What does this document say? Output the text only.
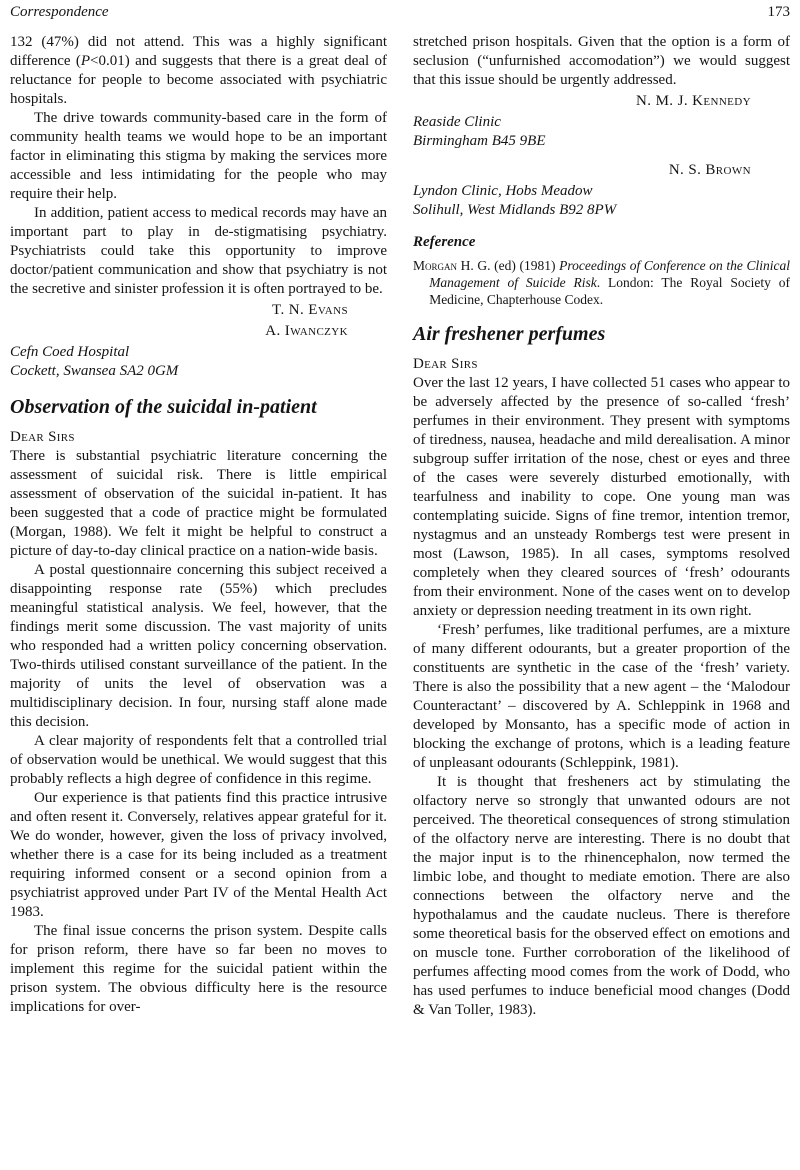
Correspondence	173

132 (47%) did not attend. This was a highly significant difference (P<0.01) and suggests that there is a great deal of reluctance for people to become associated with psychiatric hospitals.

The drive towards community-based care in the form of community health teams we would hope to be an important factor in eliminating this stigma by making the services more accessible and less intimidating for the people who may require their help.

In addition, patient access to medical records may have an important part to play in de-stigmatising psychiatry. Psychiatrists could take this opportunity to improve doctor/patient communication and show that psychiatry is not the secretive and sinister profession it is often portrayed to be.

T. N. Evans
A. Iwanczyk
Cefn Coed Hospital
Cockett, Swansea SA2 0GM
Observation of the suicidal in-patient
Dear Sirs

There is substantial psychiatric literature concerning the assessment of suicidal risk. There is little empirical assessment of observation of the suicidal in-patient. It has been suggested that a code of practice might be formulated (Morgan, 1988). We felt it might be helpful to construct a picture of day-to-day clinical practice on a nation-wide basis.

A postal questionnaire concerning this subject received a disappointing response rate (55%) which precludes meaningful statistical analysis. We feel, however, that the findings merit some discussion. The vast majority of units who responded had a written policy concerning observation. Two-thirds utilised constant surveillance of the patient. In the majority of units the level of observation was a multidisciplinary decision. In four, nursing staff alone made this decision.

A clear majority of respondents felt that a controlled trial of observation would be unethical. We would suggest that this probably reflects a high degree of confidence in this regime.

Our experience is that patients find this practice intrusive and often resent it. Conversely, relatives appear grateful for it. We do wonder, however, given the loss of privacy involved, whether there is a case for its being included as a treatment requiring informed consent or a second opinion from a psychiatrist approved under Part IV of the Mental Health Act 1983.

The final issue concerns the prison system. Despite calls for prison reform, there have so far been no moves to implement this regime for the suicidal patient within the prison system. The obvious difficulty here is the resource implications for over-

stretched prison hospitals. Given that the option is a form of seclusion (“unfurnished accomodation”) we would suggest that this issue should be urgently addressed.

N. M. J. Kennedy
Reaside Clinic
Birmingham B45 9BE
N. S. Brown
Lyndon Clinic, Hobs Meadow
Solihull, West Midlands B92 8PW
Reference
Morgan H. G. (ed) (1981) Proceedings of Conference on the Clinical Management of Suicide Risk. London: The Royal Society of Medicine, Chapterhouse Codex.
Air freshener perfumes
Dear Sirs

Over the last 12 years, I have collected 51 cases who appear to be adversely affected by the presence of so-called ‘fresh’ perfumes in their environment. They present with symptoms of tiredness, nausea, headache and mild derealisation. A minor subgroup suffer irritation of the nose, chest or eyes and three of the cases were severely disturbed emotionally, with tearfulness and inability to cope. One young man was contemplating suicide. Signs of fine tremor, intention tremor, nystagmus and an unsteady Rombergs test were present in most (Lawson, 1985). In all cases, symptoms resolved completely when they cleared sources of ‘fresh’ odourants from their environment. None of the cases went on to develop anxiety or depression needing treatment in its own right.

‘Fresh’ perfumes, like traditional perfumes, are a mixture of many different odourants, but a greater proportion of the constituents are synthetic in the case of the ‘fresh’ variety. There is also the possibility that a new agent – the ‘Malodour Counteractant’ – discovered by A. Schleppink in 1968 and developed by Monsanto, has a specific mode of action in blocking the exchange of protons, which is a leading feature of unpleasant odourants (Schleppink, 1981).

It is thought that fresheners act by stimulating the olfactory nerve so strongly that unwanted odours are not perceived. The theoretical consequences of strong stimulation of the olfactory nerve are interesting. There is no doubt that the major input is to the rhinencephalon, now termed the limbic lobe, and thought to mediate emotion. There are also connections between the olfactory nerve and the hypothalamus and the caudate nucleus. There is therefore some theoretical basis for the observed effect on emotions and on muscle tone. Further corroboration of the likelihood of perfumes affecting mood comes from the work of Dodd, who has used perfumes to induce beneficial mood changes (Dodd & Van Toller, 1983).
